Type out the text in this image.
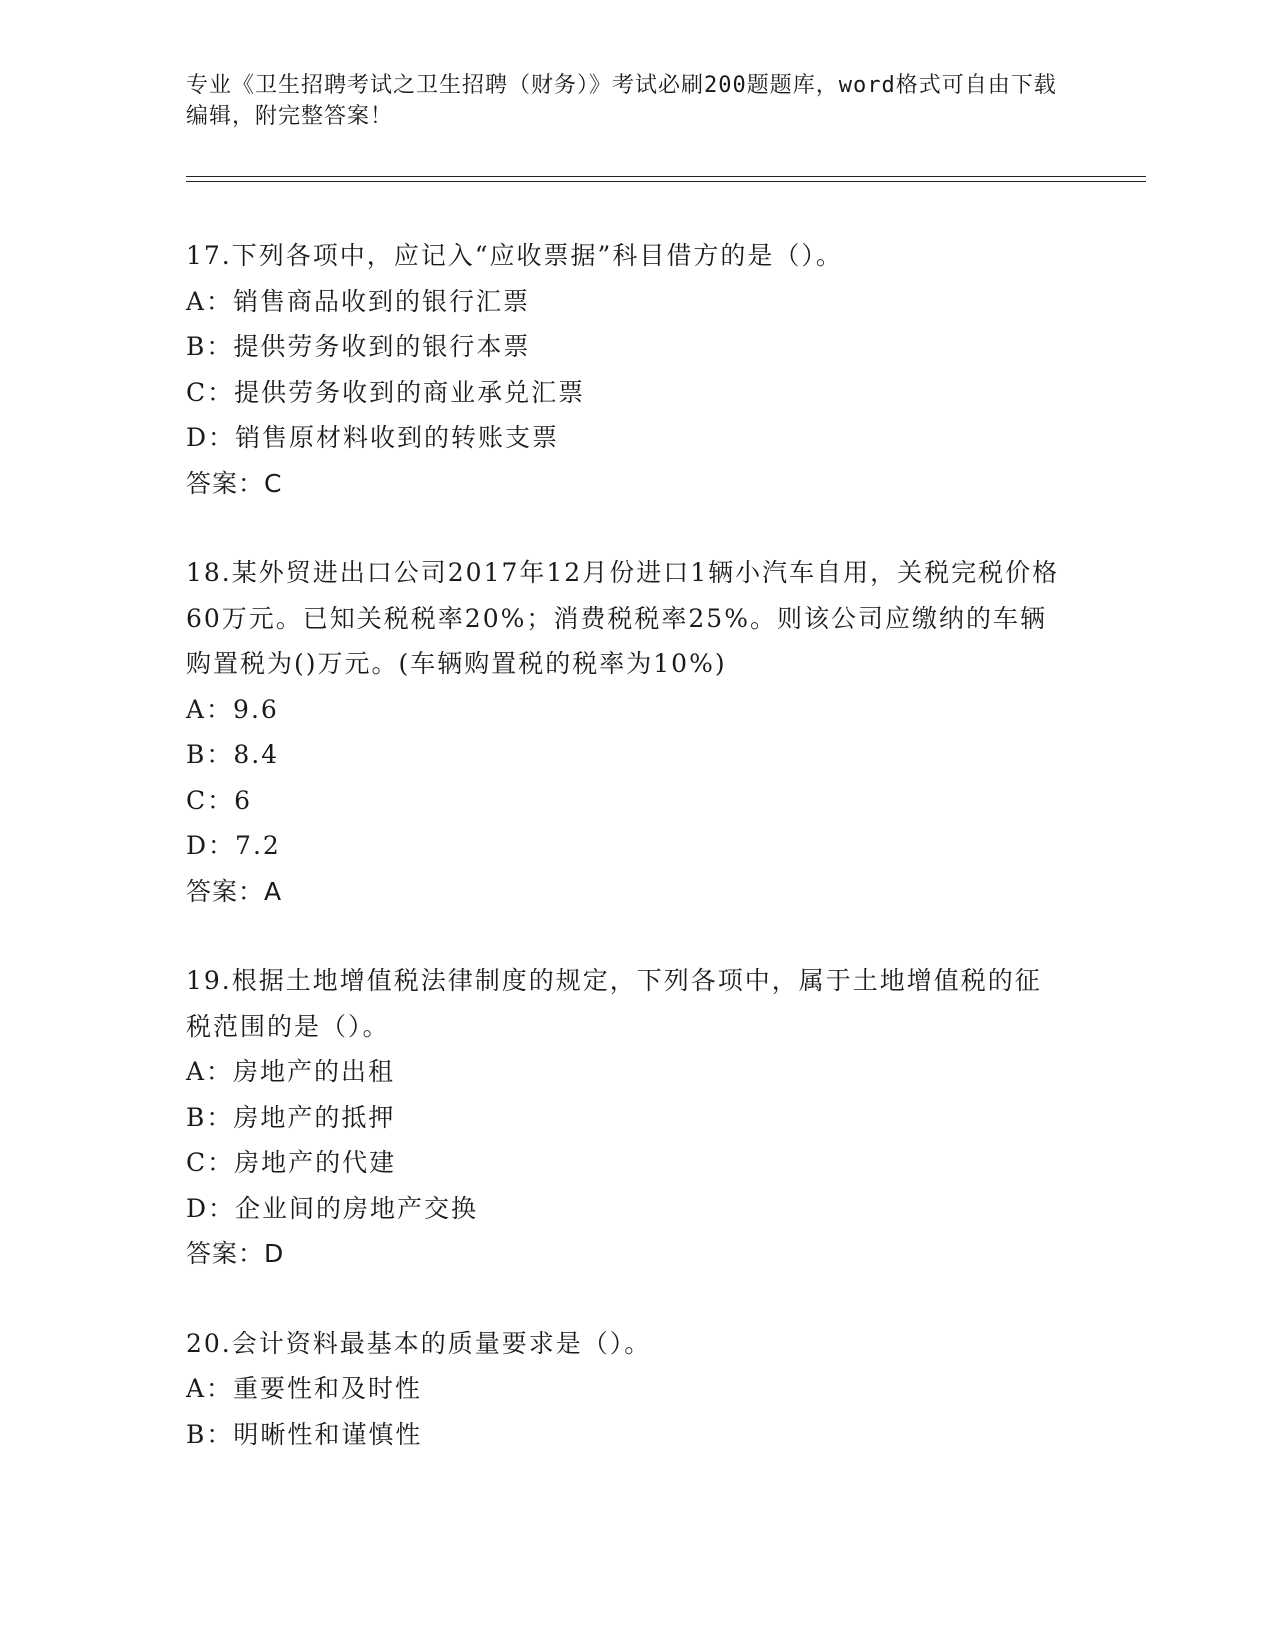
专业《卫生招聘考试之卫生招聘（财务）》考试必刷200题题库，word格式可自由下载编辑，附完整答案！
17.下列各项中，应记入“应收票据”科目借方的是（）。
A：销售商品收到的银行汇票
B：提供劳务收到的银行本票
C：提供劳务收到的商业承兑汇票
D：销售原材料收到的转账支票
答案：C
18.某外贸进出口公司2017年12月份进口1辆小汽车自用，关税完税价格60万元。已知关税税率20%；消费税税率25%。则该公司应缴纳的车辆购置税为()万元。(车辆购置税的税率为10%)
A：9.6
B：8.4
C：6
D：7.2
答案：A
19.根据土地增值税法律制度的规定，下列各项中，属于土地增值税的征税范围的是（）。
A：房地产的出租
B：房地产的抵押
C：房地产的代建
D：企业间的房地产交换
答案：D
20.会计资料最基本的质量要求是（）。
A：重要性和及时性
B：明晰性和谨慎性
